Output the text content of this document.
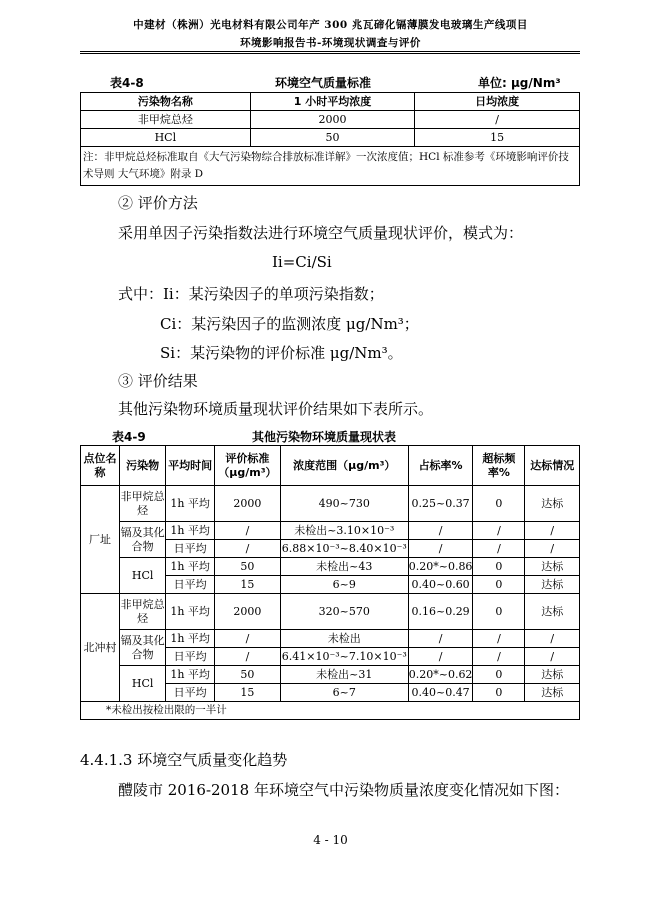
中建材（株洲）光电材料有限公司年产 300 兆瓦碲化镉薄膜发电玻璃生产线项目
环境影响报告书-环境现状调查与评价
表4-8	环境空气质量标准	单位: μg/Nm³
污染物名称	1 小时平均浓度	日均浓度
非甲烷总烃	2000	/
HCl	50	15
注：非甲烷总烃标准取自《大气污染物综合排放标准详解》一次浓度值；HCl 标准参考《环境影响评价技术导则 大气环境》附录 D		
② 评价方法
采用单因子污染指数法进行环境空气质量现状评价，模式为：
Ii=Ci/Si
式中：Ii：某污染因子的单项污染指数；
Ci：某污染因子的监测浓度 μg/Nm³；
Si：某污染物的评价标准 μg/Nm³。
③ 评价结果
其他污染物环境质量现状评价结果如下表所示。
表4-9	其他污染物环境质量现状表
点位名称	污染物	平均时间	评价标准（μg/m³）	浓度范围（μg/m³）	占标率%	超标频率%	达标情况
厂址	非甲烷总烃	1h 平均	2000	490~730	0.25~0.37	0	达标
	镉及其化合物	1h 平均	/	未检出~3.10×10⁻³	/	/	/
		日平均	/	6.88×10⁻³~8.40×10⁻³	/	/	/
	HCl	1h 平均	50	未检出~43	0.20*~0.86	0	达标
		日平均	15	6~9	0.40~0.60	0	达标
北冲村	非甲烷总烃	1h 平均	2000	320~570	0.16~0.29	0	达标
	镉及其化合物	1h 平均	/	未检出	/	/	/
		日平均	/	6.41×10⁻³~7.10×10⁻³	/	/	/
	HCl	1h 平均	50	未检出~31	0.20*~0.62	0	达标
		日平均	15	6~7	0.40~0.47	0	达标
*未检出按检出限的一半计							
4.4.1.3 环境空气质量变化趋势
醴陵市 2016-2018 年环境空气中污染物质量浓度变化情况如下图：
4 - 10
